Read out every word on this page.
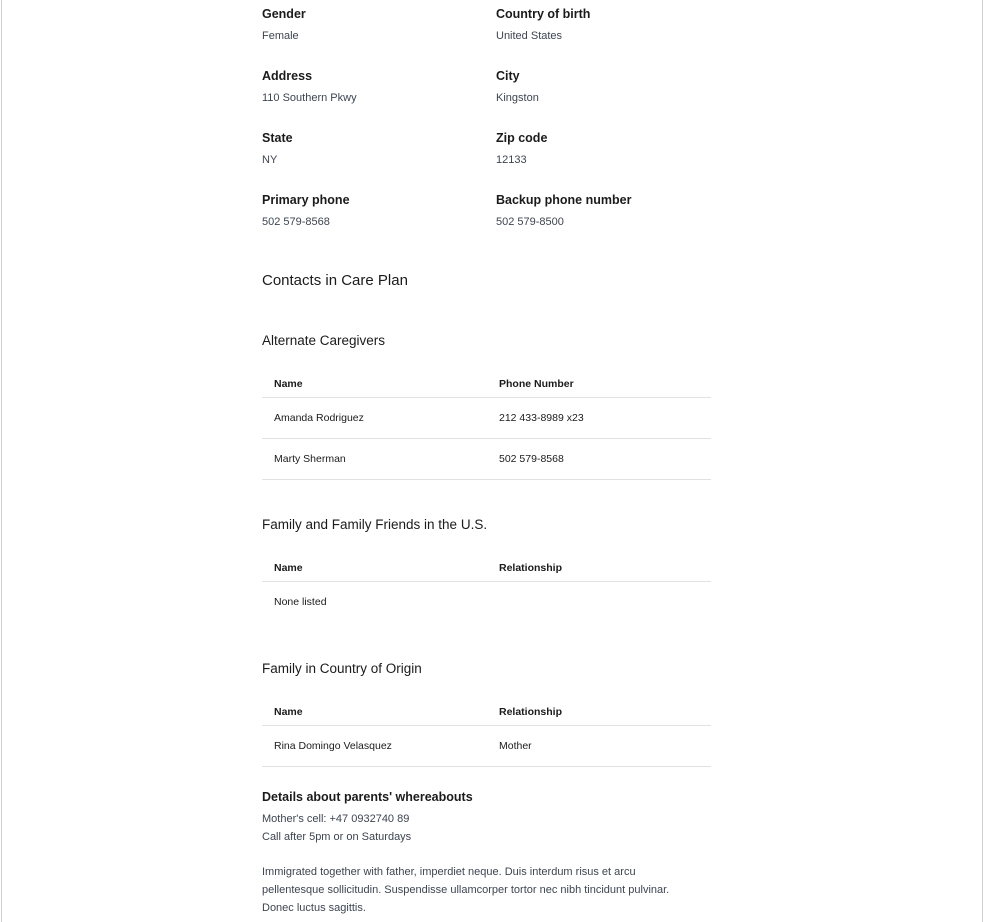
Gender
Female
Country of birth
United States
Address
110 Southern Pkwy
City
Kingston
State
NY
Zip code
12133
Primary phone
502 579-8568
Backup phone number
502 579-8500
Contacts in Care Plan
Alternate Caregivers
Name	Phone Number
Amanda Rodriguez	212 433-8989 x23
Marty Sherman	502 579-8568
Family and Family Friends in the U.S.
Name	Relationship
None listed
Family in Country of Origin
Name	Relationship
Rina Domingo Velasquez	Mother
Details about parents' whereabouts
Mother's cell: +47 0932740 89
Call after 5pm or on Saturdays
Immigrated together with father, imperdiet neque. Duis interdum risus et arcu
pellentesque sollicitudin. Suspendisse ullamcorper tortor nec nibh tincidunt pulvinar.
Donec luctus sagittis.
